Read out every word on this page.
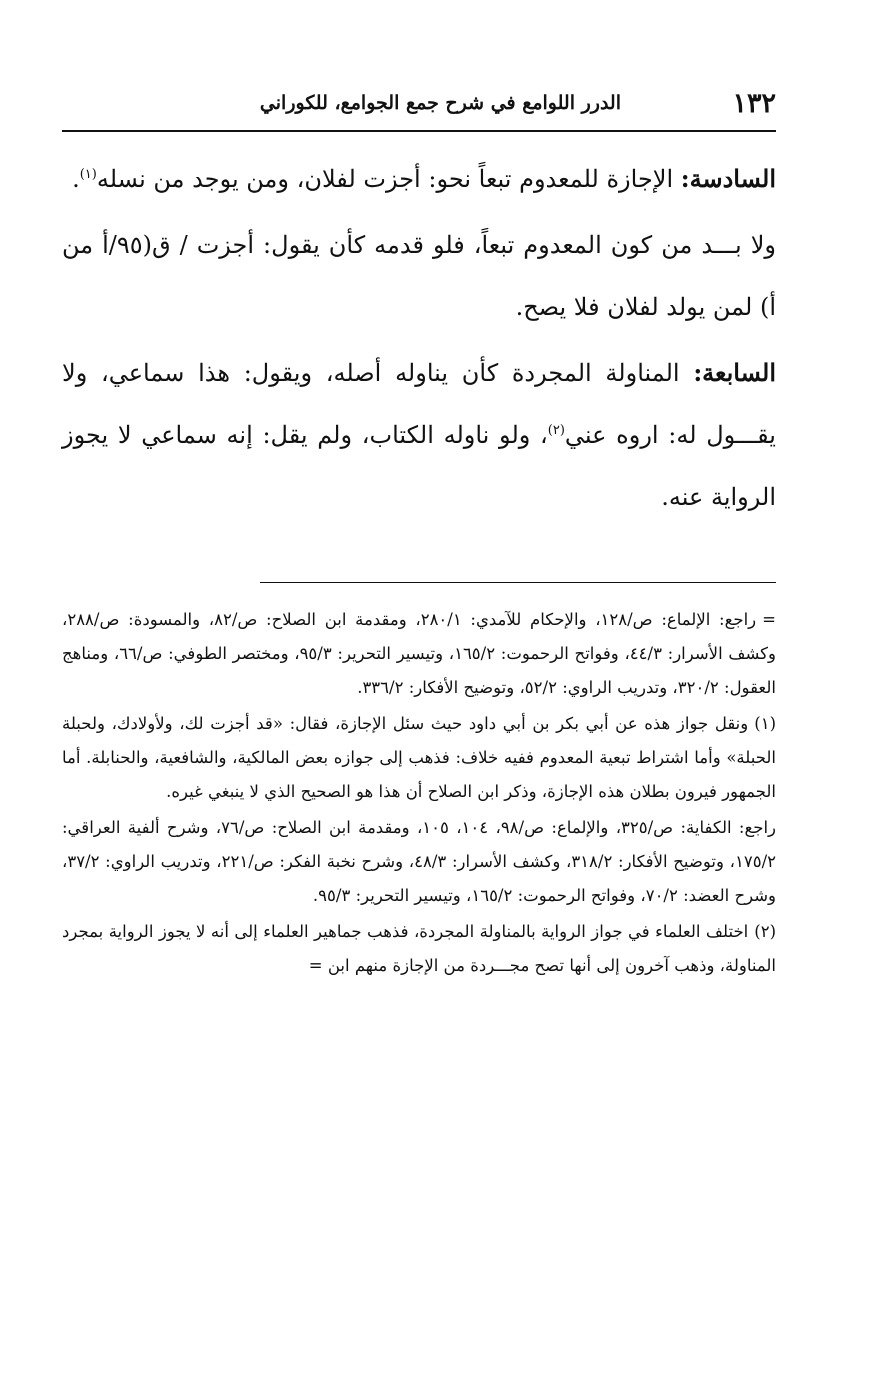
١٣٢
الدرر اللوامع في شرح جمع الجوامع، للكوراني

السادسة: الإجازة للمعدوم تبعاً نحو: أجزت لفلان، ومن يوجد من نسله$^{(١)}$.

ولا بـــد من كون المعدوم تبعاً، فلو قدمه كأن يقول: أجزت / ق(٩٥/أ من أ) لمن يولد لفلان فلا يصح.

السابعة: المناولة المجردة كأن يناوله أصله، ويقول: هذا سماعي، ولا يقـــول له: اروه عني$^{(٢)}$، ولو ناوله الكتاب، ولم يقل: إنه سماعي لا يجوز الرواية عنه.

=راجع: الإلماع: ص/١٢٨، والإحكام للآمدي: ٢٨٠/١، ومقدمة ابن الصلاح: ص/٨٢، والمسودة: ص/٢٨٨، وكشف الأسرار: ٤٤/٣، وفواتح الرحموت: ١٦٥/٢، وتيسير التحرير: ٩٥/٣، ومختصر الطوفي: ص/٦٦، ومناهج العقول: ٣٢٠/٢، وتدريب الراوي: ٥٢/٢، وتوضيح الأفكار: ٣٣٦/٢.

(١)ونقل جواز هذه عن أبي بكر بن أبي داود حيث سئل الإجازة، فقال: «قد أجزت لك، ولأولادك، ولحبلة الحبلة» وأما اشتراط تبعية المعدوم ففيه خلاف: فذهب إلى جوازه بعض المالكية، والشافعية، والحنابلة. أما الجمهور فيرون بطلان هذه الإجازة، وذكر ابن الصلاح أن هذا هو الصحيح الذي لا ينبغي غيره.

راجع: الكفاية: ص/٣٢٥، والإلماع: ص/٩٨، ١٠٤، ١٠٥، ومقدمة ابن الصلاح: ص/٧٦، وشرح ألفية العراقي: ١٧٥/٢، وتوضيح الأفكار: ٣١٨/٢، وكشف الأسرار: ٤٨/٣، وشرح نخبة الفكر: ص/٢٢١، وتدريب الراوي: ٣٧/٢، وشرح العضد: ٧٠/٢، وفواتح الرحموت: ١٦٥/٢، وتيسير التحرير: ٩٥/٣.

(٢)اختلف العلماء في جواز الرواية بالمناولة المجردة، فذهب جماهير العلماء إلى أنه لا يجوز الرواية بمجرد المناولة، وذهب آخرون إلى أنها تصح مجـــردة من الإجازة منهم ابن =
